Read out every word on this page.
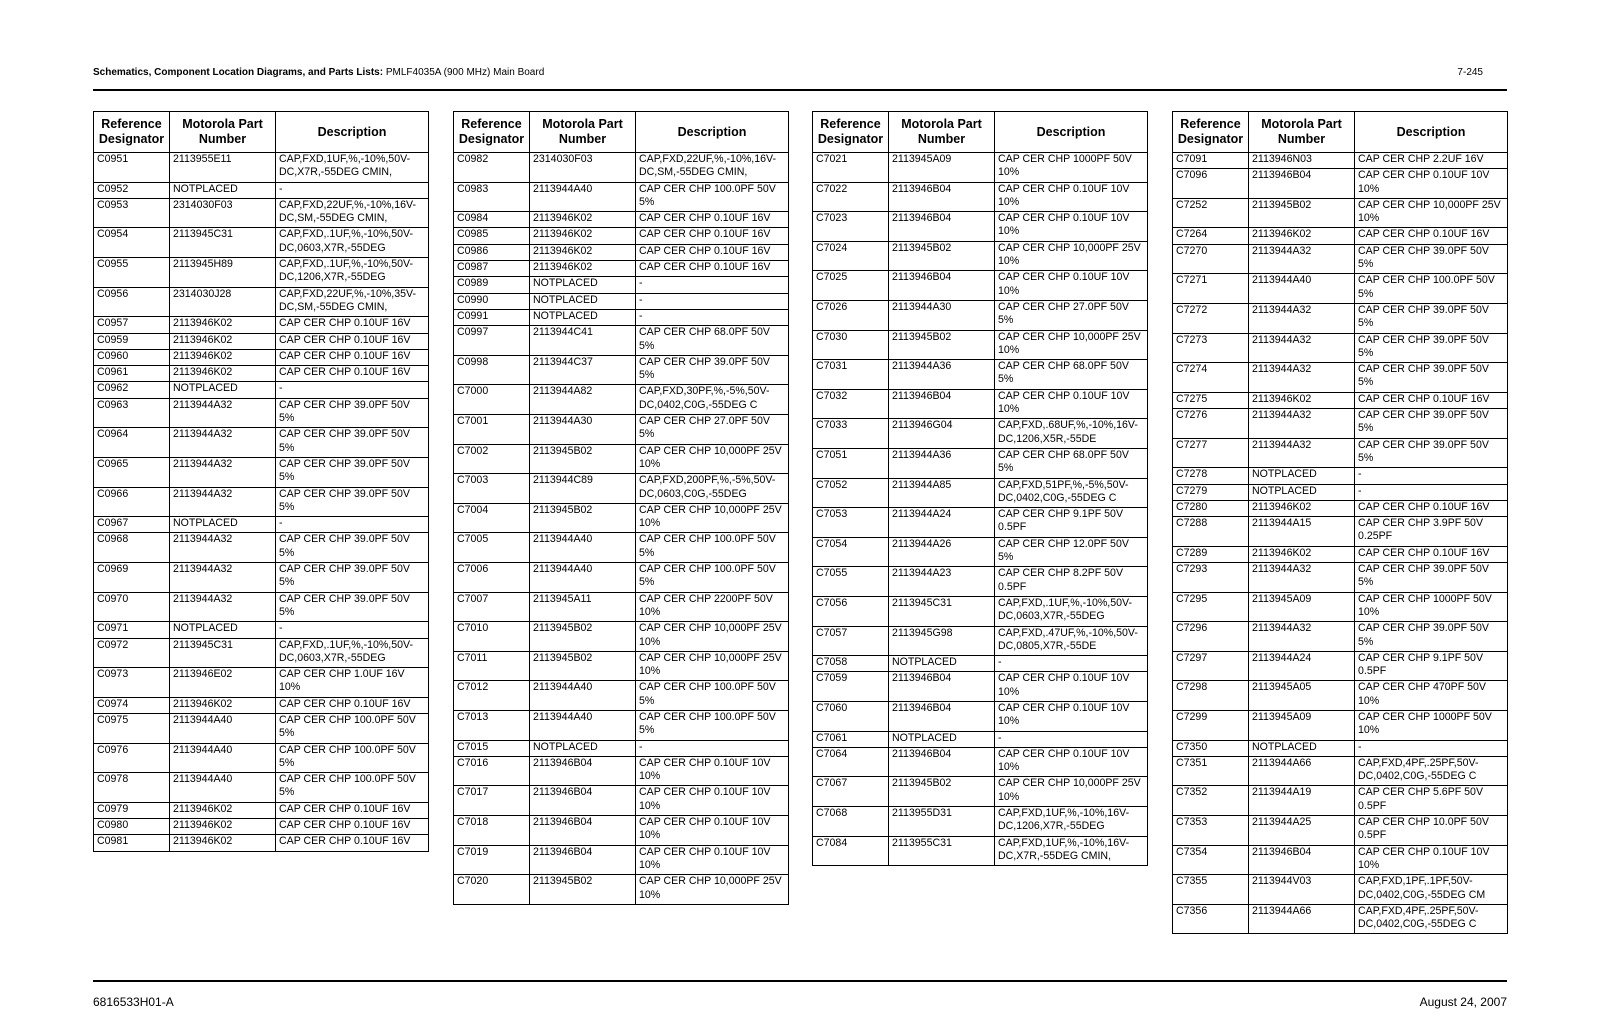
Schematics, Component Location Diagrams, and Parts Lists: PMLF4035A (900 MHz) Main Board	7-245
Reference Designator	Motorola Part Number	Description
C0951	2113955E11	CAP,FXD,1UF,%,-10%,50V-DC,X7R,-55DEG CMIN,
C0952	NOTPLACED	-
C0953	2314030F03	CAP,FXD,22UF,%,-10%,16V-DC,SM,-55DEG CMIN,
C0954	2113945C31	CAP,FXD,.1UF,%,-10%,50V-DC,0603,X7R,-55DEG
C0955	2113945H89	CAP,FXD,.1UF,%,-10%,50V-DC,1206,X7R,-55DEG
C0956	2314030J28	CAP,FXD,22UF,%,-10%,35V-DC,SM,-55DEG CMIN,
C0957	2113946K02	CAP CER CHP 0.10UF 16V
C0959	2113946K02	CAP CER CHP 0.10UF 16V
C0960	2113946K02	CAP CER CHP 0.10UF 16V
C0961	2113946K02	CAP CER CHP 0.10UF 16V
C0962	NOTPLACED	-
C0963	2113944A32	CAP CER CHP 39.0PF 50V 5%
C0964	2113944A32	CAP CER CHP 39.0PF 50V 5%
C0965	2113944A32	CAP CER CHP 39.0PF 50V 5%
C0966	2113944A32	CAP CER CHP 39.0PF 50V 5%
C0967	NOTPLACED	-
C0968	2113944A32	CAP CER CHP 39.0PF 50V 5%
C0969	2113944A32	CAP CER CHP 39.0PF 50V 5%
C0970	2113944A32	CAP CER CHP 39.0PF 50V 5%
C0971	NOTPLACED	-
C0972	2113945C31	CAP,FXD,.1UF,%,-10%,50V-DC,0603,X7R,-55DEG
C0973	2113946E02	CAP CER CHP 1.0UF 16V 10%
C0974	2113946K02	CAP CER CHP 0.10UF 16V
C0975	2113944A40	CAP CER CHP 100.0PF 50V 5%
C0976	2113944A40	CAP CER CHP 100.0PF 50V 5%
C0978	2113944A40	CAP CER CHP 100.0PF 50V 5%
C0979	2113946K02	CAP CER CHP 0.10UF 16V
C0980	2113946K02	CAP CER CHP 0.10UF 16V
C0981	2113946K02	CAP CER CHP 0.10UF 16V
Reference Designator	Motorola Part Number	Description
C0982	2314030F03	CAP,FXD,22UF,%,-10%,16V-DC,SM,-55DEG CMIN,
C0983	2113944A40	CAP CER CHP 100.0PF 50V 5%
C0984	2113946K02	CAP CER CHP 0.10UF 16V
C0985	2113946K02	CAP CER CHP 0.10UF 16V
C0986	2113946K02	CAP CER CHP 0.10UF 16V
C0987	2113946K02	CAP CER CHP 0.10UF 16V
C0989	NOTPLACED	-
C0990	NOTPLACED	-
C0991	NOTPLACED	-
C0997	2113944C41	CAP CER CHP 68.0PF 50V 5%
C0998	2113944C37	CAP CER CHP 39.0PF 50V 5%
C7000	2113944A82	CAP,FXD,30PF,%,-5%,50V-DC,0402,C0G,-55DEG C
C7001	2113944A30	CAP CER CHP 27.0PF 50V 5%
C7002	2113945B02	CAP CER CHP 10,000PF 25V 10%
C7003	2113944C89	CAP,FXD,200PF,%,-5%,50V-DC,0603,C0G,-55DEG
C7004	2113945B02	CAP CER CHP 10,000PF 25V 10%
C7005	2113944A40	CAP CER CHP 100.0PF 50V 5%
C7006	2113944A40	CAP CER CHP 100.0PF 50V 5%
C7007	2113945A11	CAP CER CHP 2200PF 50V 10%
C7010	2113945B02	CAP CER CHP 10,000PF 25V 10%
C7011	2113945B02	CAP CER CHP 10,000PF 25V 10%
C7012	2113944A40	CAP CER CHP 100.0PF 50V 5%
C7013	2113944A40	CAP CER CHP 100.0PF 50V 5%
C7015	NOTPLACED	-
C7016	2113946B04	CAP CER CHP 0.10UF 10V 10%
C7017	2113946B04	CAP CER CHP 0.10UF 10V 10%
C7018	2113946B04	CAP CER CHP 0.10UF 10V 10%
C7019	2113946B04	CAP CER CHP 0.10UF 10V 10%
C7020	2113945B02	CAP CER CHP 10,000PF 25V 10%
Reference Designator	Motorola Part Number	Description
C7021	2113945A09	CAP CER CHP 1000PF 50V 10%
C7022	2113946B04	CAP CER CHP 0.10UF 10V 10%
C7023	2113946B04	CAP CER CHP 0.10UF 10V 10%
C7024	2113945B02	CAP CER CHP 10,000PF 25V 10%
C7025	2113946B04	CAP CER CHP 0.10UF 10V 10%
C7026	2113944A30	CAP CER CHP 27.0PF 50V 5%
C7030	2113945B02	CAP CER CHP 10,000PF 25V 10%
C7031	2113944A36	CAP CER CHP 68.0PF 50V 5%
C7032	2113946B04	CAP CER CHP 0.10UF 10V 10%
C7033	2113946G04	CAP,FXD,.68UF,%,-10%,16V-DC,1206,X5R,-55DE
C7051	2113944A36	CAP CER CHP 68.0PF 50V 5%
C7052	2113944A85	CAP,FXD,51PF,%,-5%,50V-DC,0402,C0G,-55DEG C
C7053	2113944A24	CAP CER CHP 9.1PF 50V 0.5PF
C7054	2113944A26	CAP CER CHP 12.0PF 50V 5%
C7055	2113944A23	CAP CER CHP 8.2PF 50V 0.5PF
C7056	2113945C31	CAP,FXD,.1UF,%,-10%,50V-DC,0603,X7R,-55DEG
C7057	2113945G98	CAP,FXD,.47UF,%,-10%,50V-DC,0805,X7R,-55DE
C7058	NOTPLACED	-
C7059	2113946B04	CAP CER CHP 0.10UF 10V 10%
C7060	2113946B04	CAP CER CHP 0.10UF 10V 10%
C7061	NOTPLACED	-
C7064	2113946B04	CAP CER CHP 0.10UF 10V 10%
C7067	2113945B02	CAP CER CHP 10,000PF 25V 10%
C7068	2113955D31	CAP,FXD,1UF,%,-10%,16V-DC,1206,X7R,-55DEG
C7084	2113955C31	CAP,FXD,1UF,%,-10%,16V-DC,X7R,-55DEG CMIN,
Reference Designator	Motorola Part Number	Description
C7091	2113946N03	CAP CER CHP 2.2UF 16V
C7096	2113946B04	CAP CER CHP 0.10UF 10V 10%
C7252	2113945B02	CAP CER CHP 10,000PF 25V 10%
C7264	2113946K02	CAP CER CHP 0.10UF 16V
C7270	2113944A32	CAP CER CHP 39.0PF 50V 5%
C7271	2113944A40	CAP CER CHP 100.0PF 50V 5%
C7272	2113944A32	CAP CER CHP 39.0PF 50V 5%
C7273	2113944A32	CAP CER CHP 39.0PF 50V 5%
C7274	2113944A32	CAP CER CHP 39.0PF 50V 5%
C7275	2113946K02	CAP CER CHP 0.10UF 16V
C7276	2113944A32	CAP CER CHP 39.0PF 50V 5%
C7277	2113944A32	CAP CER CHP 39.0PF 50V 5%
C7278	NOTPLACED	-
C7279	NOTPLACED	-
C7280	2113946K02	CAP CER CHP 0.10UF 16V
C7288	2113944A15	CAP CER CHP 3.9PF 50V 0.25PF
C7289	2113946K02	CAP CER CHP 0.10UF 16V
C7293	2113944A32	CAP CER CHP 39.0PF 50V 5%
C7295	2113945A09	CAP CER CHP 1000PF 50V 10%
C7296	2113944A32	CAP CER CHP 39.0PF 50V 5%
C7297	2113944A24	CAP CER CHP 9.1PF 50V 0.5PF
C7298	2113945A05	CAP CER CHP 470PF 50V 10%
C7299	2113945A09	CAP CER CHP 1000PF 50V 10%
C7350	NOTPLACED	-
C7351	2113944A66	CAP,FXD,4PF,.25PF,50V-DC,0402,C0G,-55DEG C
C7352	2113944A19	CAP CER CHP 5.6PF 50V 0.5PF
C7353	2113944A25	CAP CER CHP 10.0PF 50V 0.5PF
C7354	2113946B04	CAP CER CHP 0.10UF 10V 10%
C7355	2113944V03	CAP,FXD,1PF,.1PF,50V-DC,0402,C0G,-55DEG CM
C7356	2113944A66	CAP,FXD,4PF,.25PF,50V-DC,0402,C0G,-55DEG C
6816533H01-A	August 24, 2007
